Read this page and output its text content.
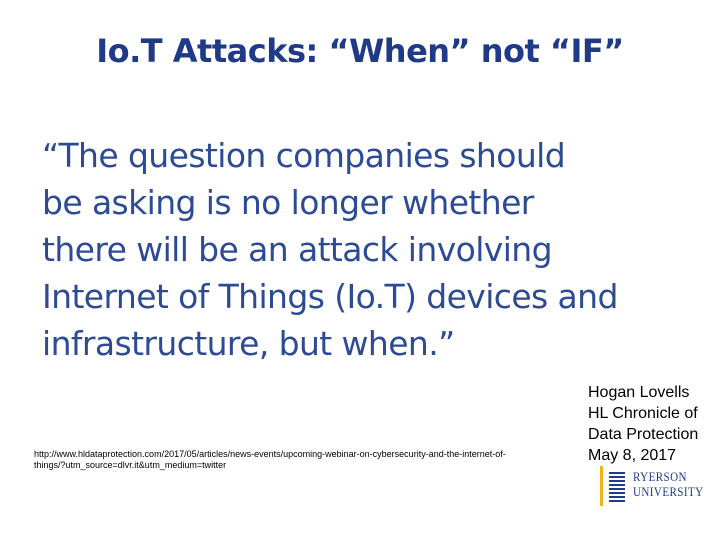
Io.T Attacks: “When” not “IF”
“The question companies should
be asking is no longer whether
there will be an attack involving
Internet of Things (Io.T) devices and
infrastructure, but when.”
Hogan Lovells
HL Chronicle of
Data Protection
May 8, 2017
http://www.hldataprotection.com/2017/05/articles/news-events/upcoming-webinar-on-cybersecurity-and-the-internet-of-
things/?utm_source=dlvr.it&utm_medium=twitter
RYERSON
UNIVERSITY
